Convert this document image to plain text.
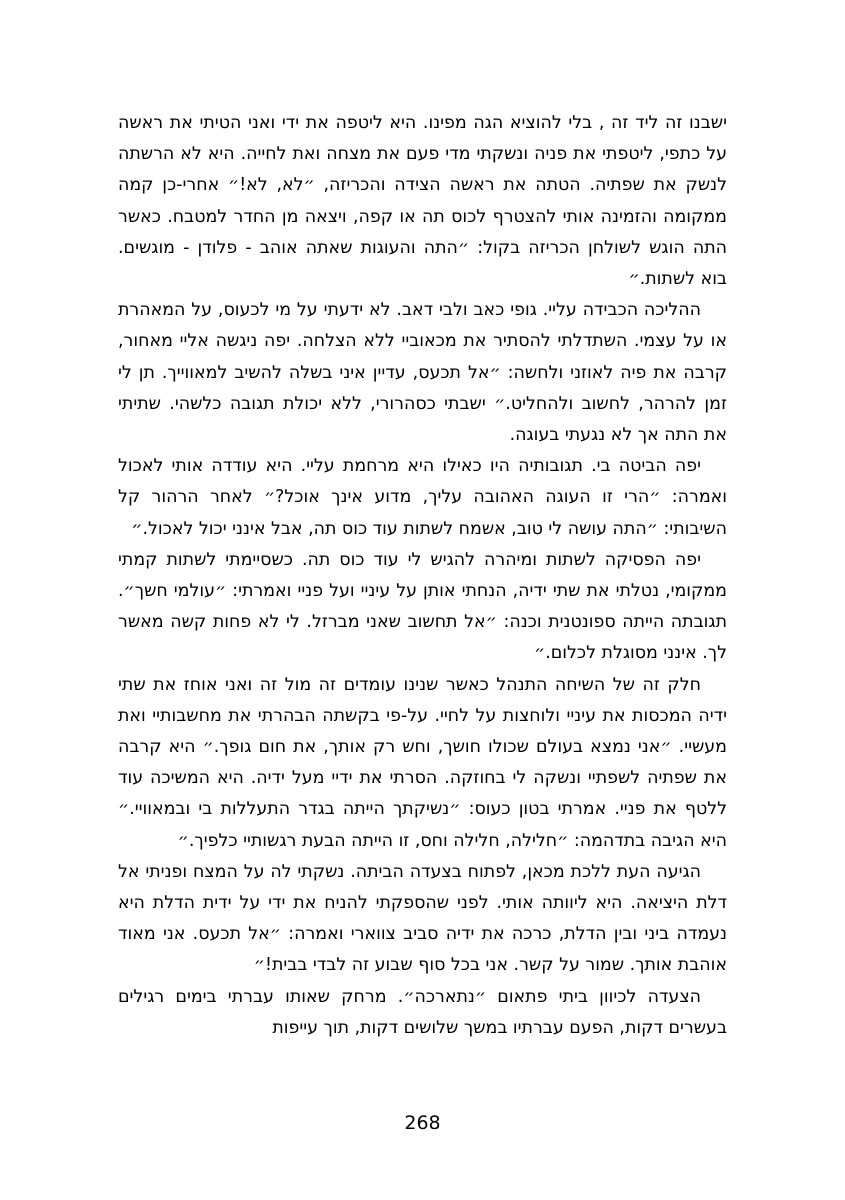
ישבנו זה ליד זה , בלי להוציא הגה מפינו. היא ליטפה את ידי ואני הטיתי את ראשה על כתפי, ליטפתי את פניה ונשקתי מדי פעם את מצחה ואת לחייה. היא לא הרשתה לנשק את שפתיה. הטתה את ראשה הצידה והכריזה, ״לא, לא!״ אחרי-כן קמה ממקומה והזמינה אותי להצטרף לכוס תה או קפה, ויצאה מן החדר למטבח. כאשר התה הוגש לשולחן הכריזה בקול: ״התה והעוגות שאתה אוהב - פלודן - מוגשים. בוא לשתות.״

ההליכה הכבידה עליי. גופי כאב ולבי דאב. לא ידעתי על מי לכעוס, על המאהרת או על עצמי. השתדלתי להסתיר את מכאוביי ללא הצלחה. יפה ניגשה אליי מאחור, קרבה את פיה לאוזני ולחשה: ״אל תכעס, עדיין איני בשלה להשיב למאווייך. תן לי זמן להרהר, לחשוב ולהחליט.״ ישבתי כסהרורי, ללא יכולת תגובה כלשהי. שתיתי את התה אך לא נגעתי בעוגה.

יפה הביטה בי. תגובותיה היו כאילו היא מרחמת עליי. היא עודדה אותי לאכול ואמרה: ״הרי זו העוגה האהובה עליך, מדוע אינך אוכל?״ לאחר הרהור קל השיבותי: ״התה עושה לי טוב, אשמח לשתות עוד כוס תה, אבל אינני יכול לאכול.״

יפה הפסיקה לשתות ומיהרה להגיש לי עוד כוס תה. כשסיימתי לשתות קמתי ממקומי, נטלתי את שתי ידיה, הנחתי אותן על עיניי ועל פניי ואמרתי: ״עולמי חשך״. תגובתה הייתה ספונטנית וכנה: ״אל תחשוב שאני מברזל. לי לא פחות קשה מאשר לך. אינני מסוגלת לכלום.״

חלק זה של השיחה התנהל כאשר שנינו עומדים זה מול זה ואני אוחז את שתי ידיה המכסות את עיניי ולוחצות על לחיי. על-פי בקשתה הבהרתי את מחשבותיי ואת מעשיי. ״אני נמצא בעולם שכולו חושך, וחש רק אותך, את חום גופך.״ היא קרבה את שפתיה לשפתיי ונשקה לי בחוזקה. הסרתי את ידיי מעל ידיה. היא המשיכה עוד ללטף את פניי. אמרתי בטון כעוס: ״נשיקתך הייתה בגדר התעללות בי ובמאוויי.״ היא הגיבה בתדהמה: ״חלילה, חלילה וחס, זו הייתה הבעת רגשותיי כלפיך.״

הגיעה העת ללכת מכאן, לפתוח בצעדה הביתה. נשקתי לה על המצח ופניתי אל דלת היציאה. היא ליוותה אותי. לפני שהספקתי להניח את ידי על ידית הדלת היא נעמדה ביני ובין הדלת, כרכה את ידיה סביב צווארי ואמרה: ״אל תכעס. אני מאוד אוהבת אותך. שמור על קשר. אני בכל סוף שבוע זה לבדי בבית!״

הצעדה לכיוון ביתי פתאום ״נתארכה״. מרחק שאותו עברתי בימים רגילים בעשרים דקות, הפעם עברתיו במשך שלושים דקות, תוך עייפות

268
